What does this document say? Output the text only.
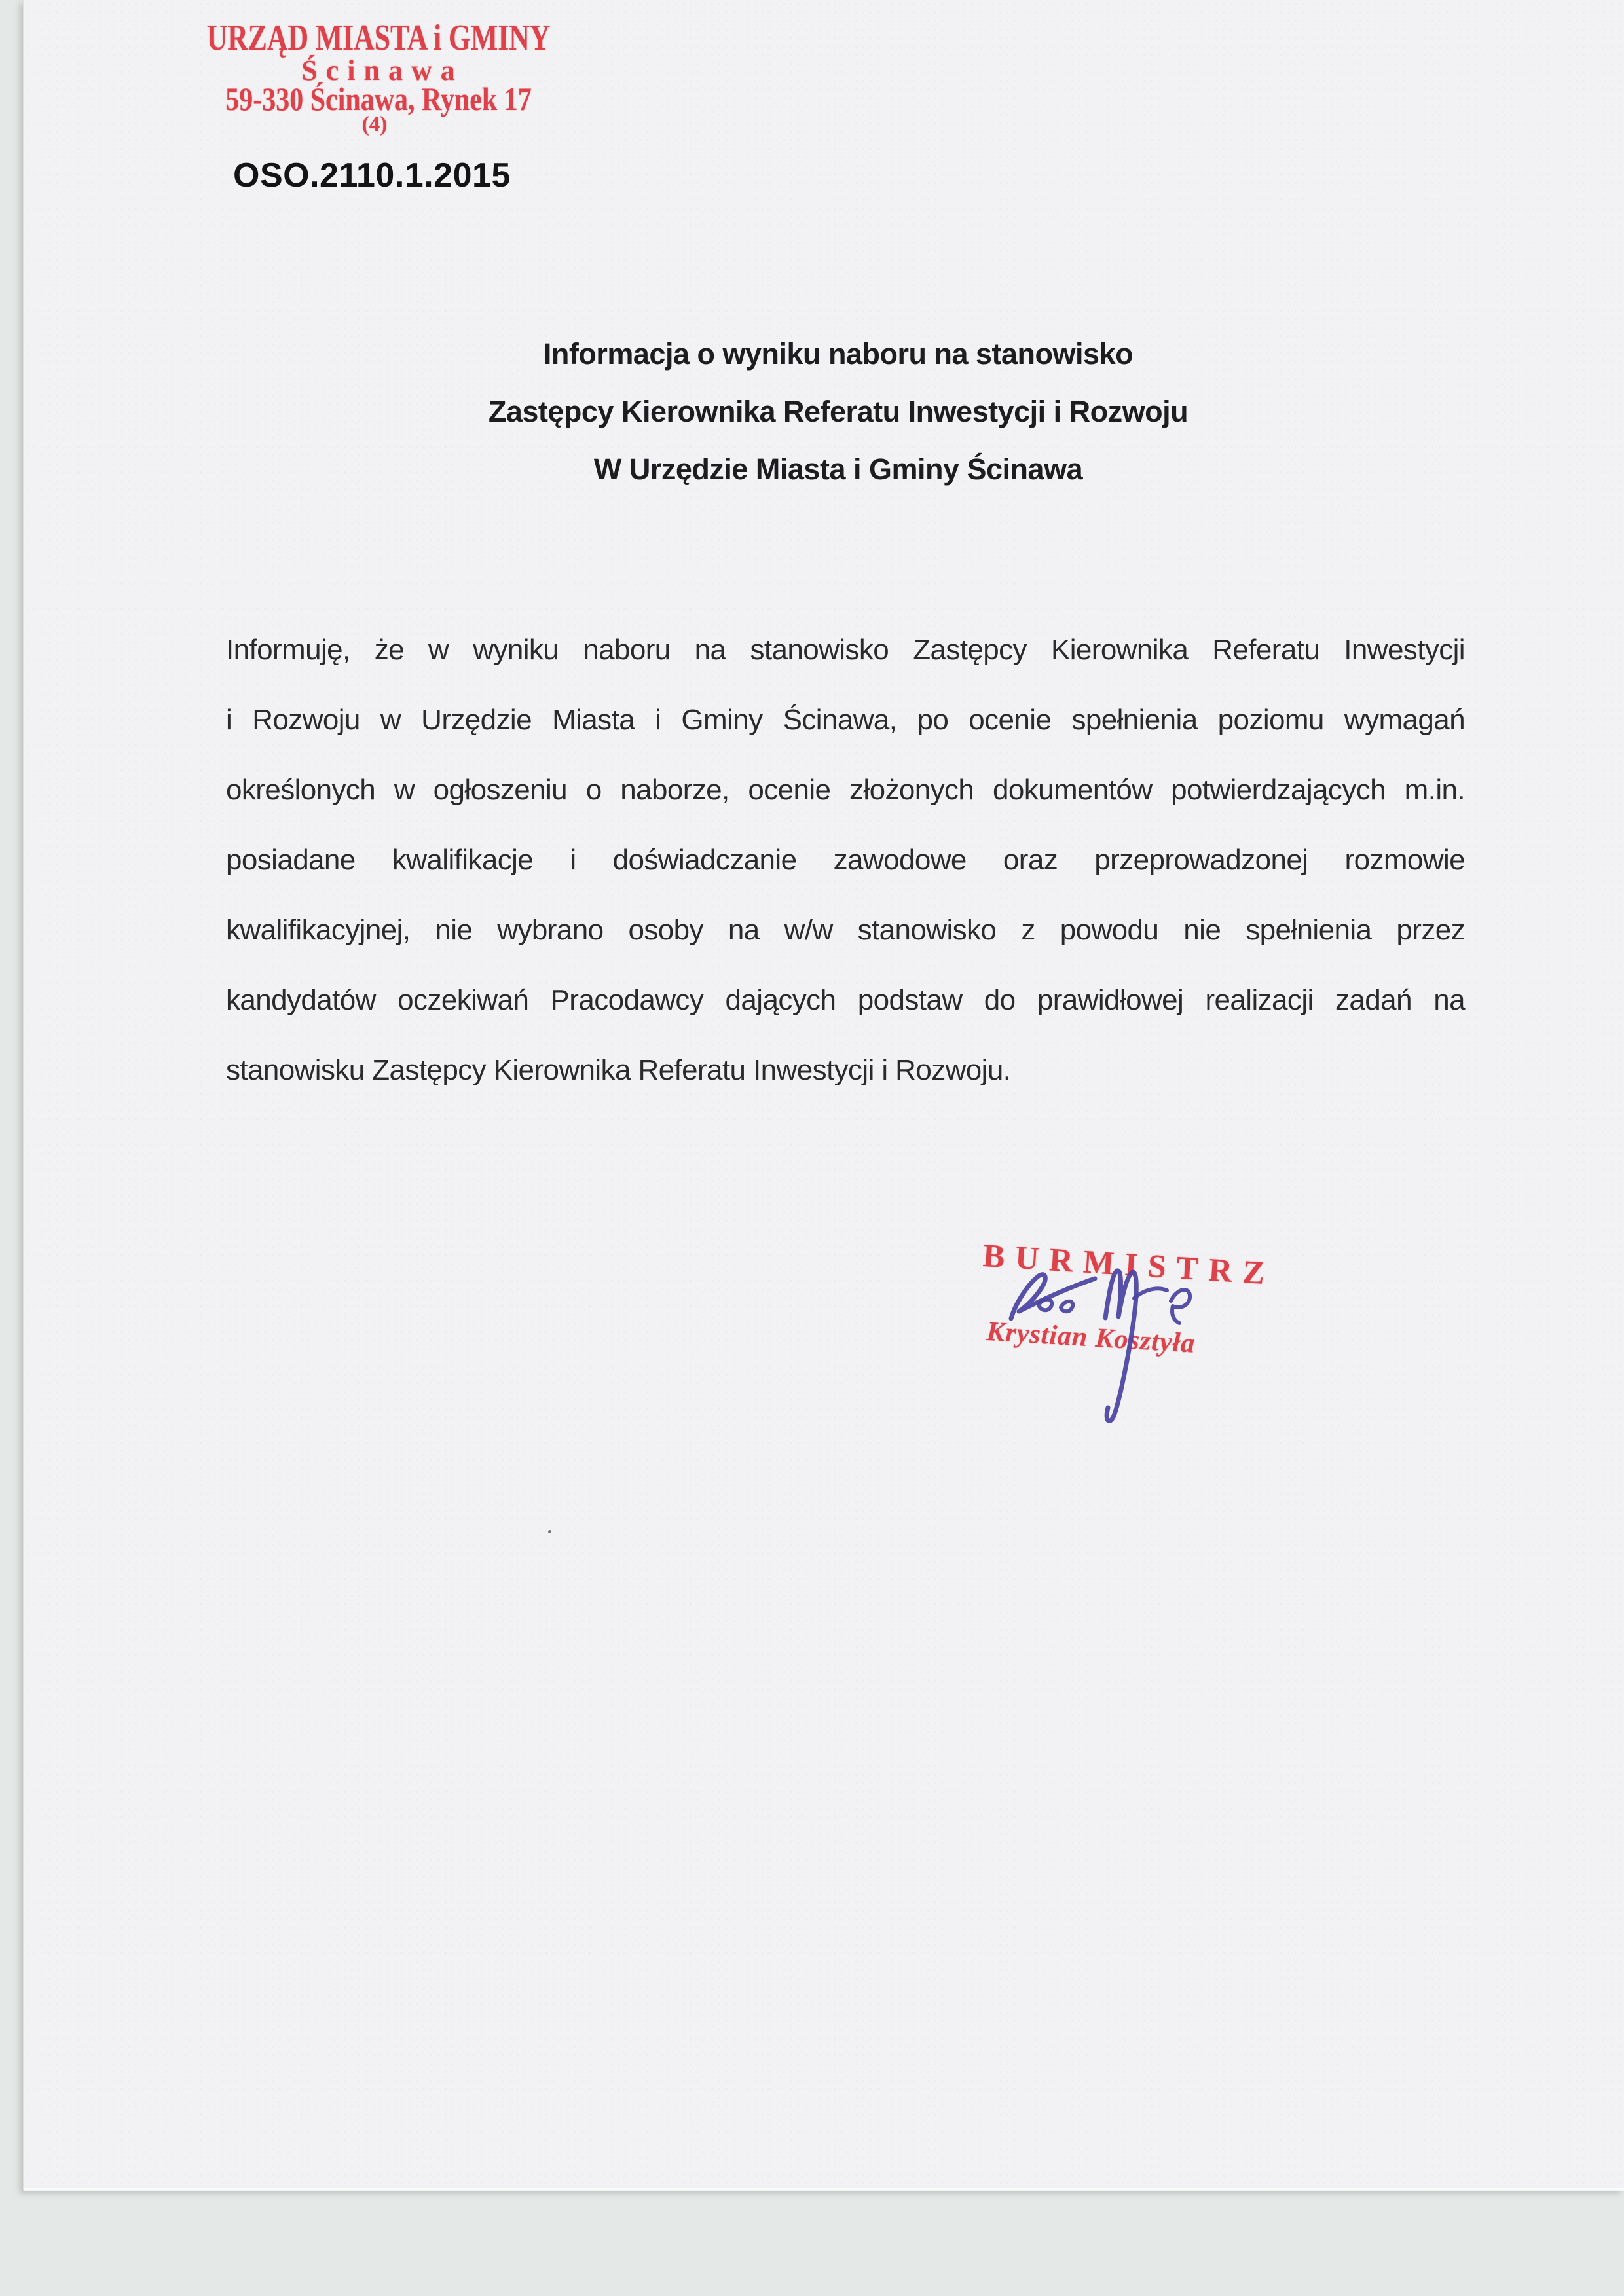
URZĄD MIASTA i GMINY
Ścinawa
59-330 Ścinawa, Rynek 17
(4)
OSO.2110.1.2015
Informacja o wyniku naboru na stanowisko
Zastępcy Kierownika Referatu Inwestycji i Rozwoju
W Urzędzie Miasta i Gminy Ścinawa
Informuję, że w wyniku naboru na stanowisko Zastępcy Kierownika Referatu Inwestycji
i Rozwoju w Urzędzie Miasta i Gminy Ścinawa, po ocenie spełnienia poziomu wymagań
określonych w ogłoszeniu o naborze, ocenie złożonych dokumentów potwierdzających m.in.
posiadane kwalifikacje i doświadczanie zawodowe oraz przeprowadzonej rozmowie
kwalifikacyjnej, nie wybrano osoby na w/w stanowisko z powodu nie spełnienia przez
kandydatów oczekiwań Pracodawcy dających podstaw do prawidłowej realizacji zadań na
stanowisku Zastępcy Kierownika Referatu Inwestycji i Rozwoju.
BURMISTRZ
Krystian Kosztyła
